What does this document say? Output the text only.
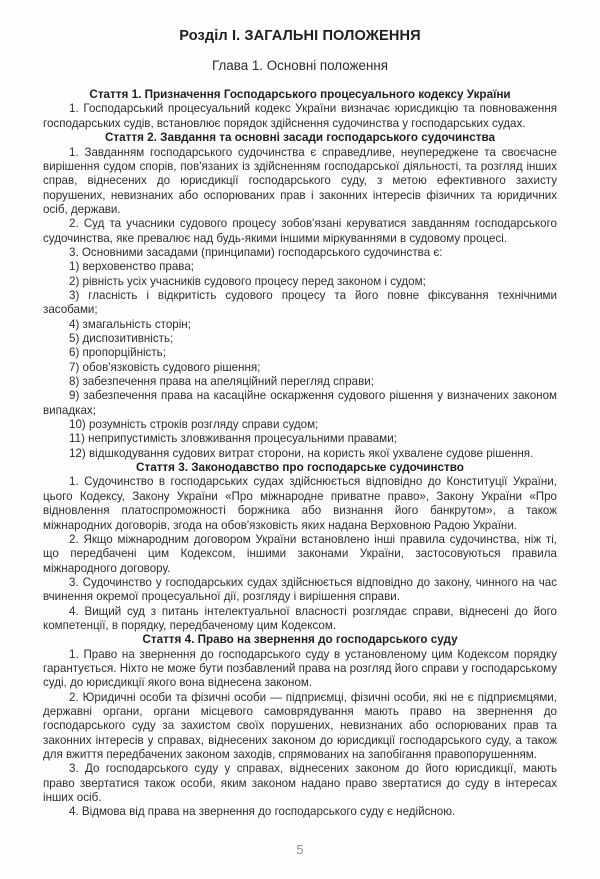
Розділ I. ЗАГАЛЬНІ ПОЛОЖЕННЯ
Глава 1. Основні положення
Стаття 1. Призначення Господарського процесуального кодексу України

1. Господарський процесуальний кодекс України визначає юрисдикцію та повноваження господарських судів, встановлює порядок здійснення судочинства у господарських судах.

Стаття 2. Завдання та основні засади господарського судочинства

1. Завданням господарського судочинства є справедливе, неупереджене та своєчасне вирішення судом спорів, пов'язаних із здійсненням господарської діяльності, та розгляд інших справ, віднесених до юрисдикції господарського суду, з метою ефективного захисту порушених, невизнаних або оспорюваних прав і законних інтересів фізичних та юридичних осіб, держави.

2. Суд та учасники судового процесу зобов'язані керуватися завданням господарського судочинства, яке превалює над будь-якими іншими міркуваннями в судовому процесі.

3. Основними засадами (принципами) господарського судочинства є:

1) верховенство права;

2) рівність усіх учасників судового процесу перед законом і судом;

3) гласність і відкритість судового процесу та його повне фіксування технічними засобами;

4) змагальність сторін;

5) диспозитивність;

6) пропорційність;

7) обов'язковість судового рішення;

8) забезпечення права на апеляційний перегляд справи;

9) забезпечення права на касаційне оскарження судового рішення у визначених законом випадках;

10) розумність строків розгляду справи судом;

11) неприпустимість зловживання процесуальними правами;

12) відшкодування судових витрат сторони, на користь якої ухвалене судове рішення.

Стаття 3. Законодавство про господарське судочинство

1. Судочинство в господарських судах здійснюється відповідно до Конституції України, цього Кодексу, Закону України «Про міжнародне приватне право», Закону України «Про відновлення платоспроможності боржника або визнання його банкрутом», а також міжнародних договорів, згода на обов'язковість яких надана Верховною Радою України.

2. Якщо міжнародним договором України встановлено інші правила судочинства, ніж ті, що передбачені цим Кодексом, іншими законами України, застосовуються правила міжнародного договору.

3. Судочинство у господарських судах здійснюється відповідно до закону, чинного на час вчинення окремої процесуальної дії, розгляду і вирішення справи.

4. Вищий суд з питань інтелектуальної власності розглядає справи, віднесені до його компетенції, в порядку, передбаченому цим Кодексом.

Стаття 4. Право на звернення до господарського суду

1. Право на звернення до господарського суду в установленому цим Кодексом порядку гарантується. Ніхто не може бути позбавлений права на розгляд його справи у господарському суді, до юрисдикції якого вона віднесена законом.

2. Юридичні особи та фізичні особи — підприємці, фізичні особи, які не є підприємцями, державні органи, органи місцевого самоврядування мають право на звернення до господарського суду за захистом своїх порушених, невизнаних або оспорюваних прав та законних інтересів у справах, віднесених законом до юрисдикції господарського суду, а також для вжиття передбачених законом заходів, спрямованих на запобігання правопорушенням.

3. До господарського суду у справах, віднесених законом до його юрисдикції, мають право звертатися також особи, яким законом надано право звертатися до суду в інтересах інших осіб.

4. Відмова від права на звернення до господарського суду є недійсною.

5
